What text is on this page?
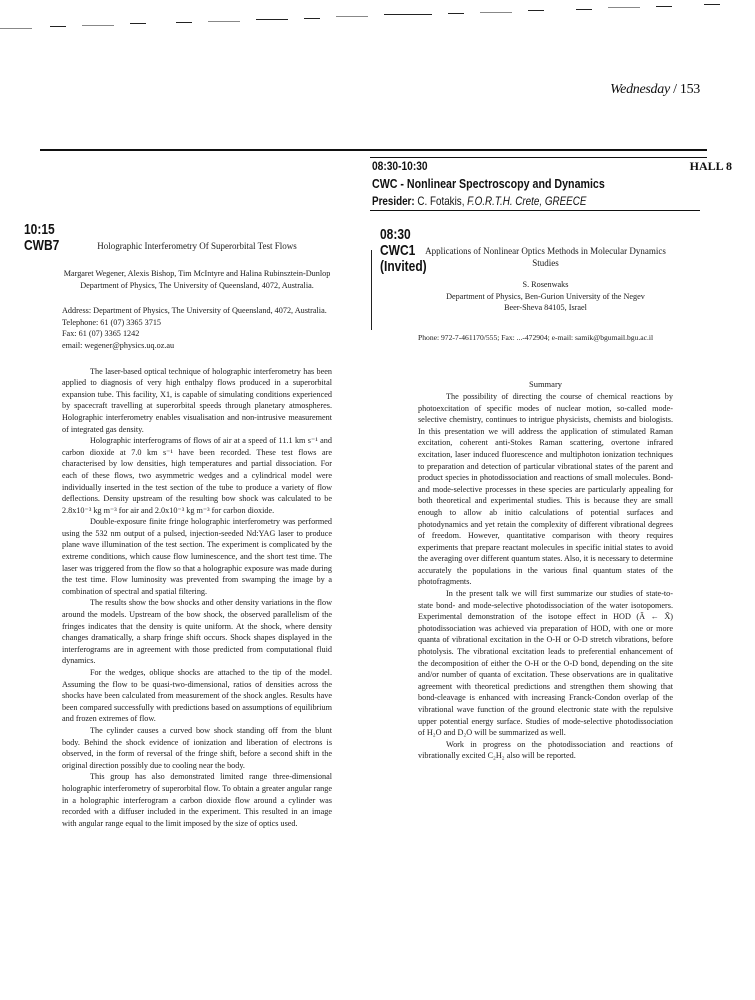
Wednesday / 153
08:30-10:30	HALL 8
CWC - Nonlinear Spectroscopy and Dynamics
Presider: C. Fotakis, F.O.R.T.H. Crete, GREECE
10:15
CWB7
08:30
CWC1
(Invited)
Holographic Interferometry Of Superorbital Test Flows
Margaret Wegener, Alexis Bishop, Tim McIntyre and Halina Rubinsztein-Dunlop
Department of Physics, The University of Queensland, 4072, Australia.
Address: Department of Physics, The University of Queensland, 4072, Australia.
Telephone: 61 (07) 3365 3715
Fax: 61 (07) 3365 1242
email: wegener@physics.uq.oz.au

The laser-based optical technique of holographic interferometry has been applied to diagnosis of very high enthalpy flows produced in a superorbital expansion tube. This facility, X1, is capable of simulating conditions experienced by spacecraft travelling at superorbital speeds through planetary atmospheres. Holographic interferometry enables visualisation and non-intrusive measurement of integrated gas density.

Holographic interferograms of flows of air at a speed of 11.1 km s⁻¹ and carbon dioxide at 7.0 km s⁻¹ have been recorded. These test flows are characterised by low densities, high temperatures and partial dissociation. For each of these flows, two asymmetric wedges and a cylindrical model were individually inserted in the test section of the tube to produce a variety of flow deflections. Density upstream of the resulting bow shock was calculated to be 2.8x10⁻³ kg m⁻³ for air and 2.0x10⁻³ kg m⁻³ for carbon dioxide.

Double-exposure finite fringe holographic interferometry was performed using the 532 nm output of a pulsed, injection-seeded Nd:YAG laser to produce plane wave illumination of the test section. The experiment is complicated by the extreme conditions, which cause flow luminescence, and the short test time. The laser was triggered from the flow so that a holographic exposure was made during the test time. Flow luminosity was prevented from swamping the image by a combination of spectral and spatial filtering.

The results show the bow shocks and other density variations in the flow around the models. Upstream of the bow shock, the observed parallelism of the fringes indicates that the density is quite uniform. At the shock, where density changes dramatically, a sharp fringe shift occurs. Shock shapes displayed in the interferograms are in agreement with those predicted from computational fluid dynamics.

For the wedges, oblique shocks are attached to the tip of the model. Assuming the flow to be quasi-two-dimensional, ratios of densities across the shocks have been calculated from measurement of the shock angles. Results have been compared successfully with predictions based on assumptions of equilibrium and frozen extremes of flow.

The cylinder causes a curved bow shock standing off from the blunt body. Behind the shock evidence of ionization and liberation of electrons is observed, in the form of reversal of the fringe shift, before a second shift in the original direction possibly due to cooling near the body.

This group has also demonstrated limited range three-dimensional holographic interferometry of superorbital flow. To obtain a greater angular range in a holographic interferogram a carbon dioxide flow around a cylinder was recorded with a diffuser included in the experiment. This resulted in an image with angular range equal to the limit imposed by the size of optics used.

Applications of Nonlinear Optics Methods in Molecular Dynamics Studies
S. Rosenwaks
Department of Physics, Ben-Gurion University of the Negev
Beer-Sheva 84105, Israel
Phone: 972-7-461170/555; Fax: ...-472904; e-mail: samik@bgumail.bgu.ac.il
Summary

The possibility of directing the course of chemical reactions by photoexcitation of specific modes of nuclear motion, so-called mode-selective chemistry, continues to intrigue physicists, chemists and biologists. In this presentation we will address the application of stimulated Raman excitation, coherent anti-Stokes Raman scattering, overtone infrared excitation, laser induced fluorescence and multiphoton ionization techniques to preparation and detection of particular vibrational states of the parent and product species in photodissociation and reactions of small molecules. Bond- and mode-selective processes in these species are particularly appealing for both theoretical and experimental studies. This is because they are small enough to allow ab initio calculations of potential surfaces and photodynamics and yet retain the complexity of different vibrational degrees of freedom. However, quantitative comparison with theory requires experiments that prepare reactant molecules in specific initial states to avoid the averaging over different quantum states. Also, it is necessary to determine accurately the populations in the various final quantum states of the photofragments.

In the present talk we will first summarize our studies of state-to-state bond- and mode-selective photodissociation of the water isotopomers. Experimental demonstration of the isotope effect in HOD (Ã ← X̃) photodissociation was achieved via preparation of HOD, with one or more quanta of vibrational excitation in the O-H or O-D stretch vibrations, before photolysis. The vibrational excitation leads to preferential enhancement of the decomposition of either the O-H or the O-D bond, depending on the site and/or number of quanta of excitation. These observations are in qualitative agreement with theoretical predictions and strengthen them showing that bond-cleavage is enhanced with increasing Franck-Condon overlap of the vibrational wave function of the ground electronic state with the repulsive upper potential energy surface. Studies of mode-selective photodissociation of H₂O and D₂O will be summarized as well.

Work in progress on the photodissociation and reactions of vibrationally excited C₂H₂ also will be reported.
